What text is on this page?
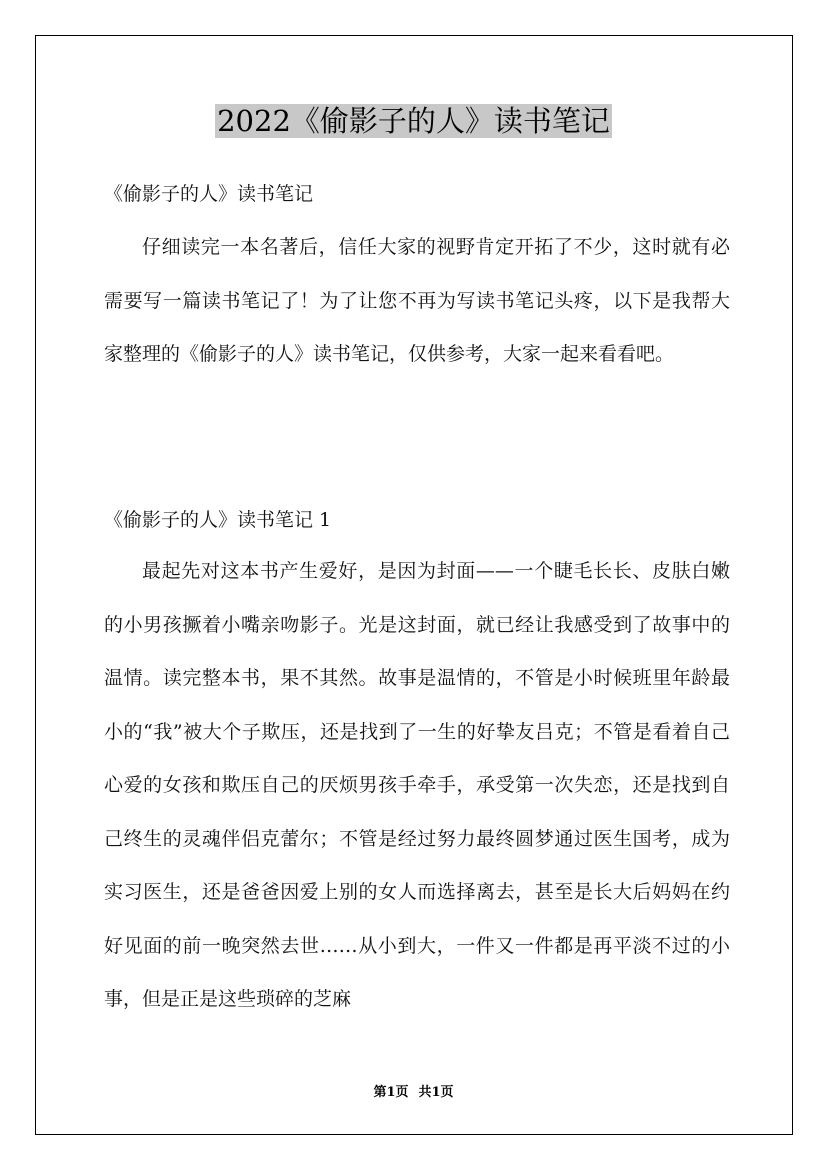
2022《偷影子的人》读书笔记
《偷影子的人》读书笔记

仔细读完一本名著后，信任大家的视野肯定开拓了不少，这时就有必需要写一篇读书笔记了！为了让您不再为写读书笔记头疼，以下是我帮大家整理的《偷影子的人》读书笔记，仅供参考，大家一起来看看吧。

《偷影子的人》读书笔记 1

最起先对这本书产生爱好，是因为封面——一个睫毛长长、皮肤白嫩的小男孩撅着小嘴亲吻影子。光是这封面，就已经让我感受到了故事中的温情。读完整本书，果不其然。故事是温情的，不管是小时候班里年龄最小的“我”被大个子欺压，还是找到了一生的好挚友吕克；不管是看着自己心爱的女孩和欺压自己的厌烦男孩手牵手，承受第一次失恋，还是找到自己终生的灵魂伴侣克蕾尔；不管是经过努力最终圆梦通过医生国考，成为实习医生，还是爸爸因爱上别的女人而选择离去，甚至是长大后妈妈在约好见面的前一晚突然去世……从小到大，一件又一件都是再平淡不过的小事，但是正是这些琐碎的芝麻

第1页 共1页
